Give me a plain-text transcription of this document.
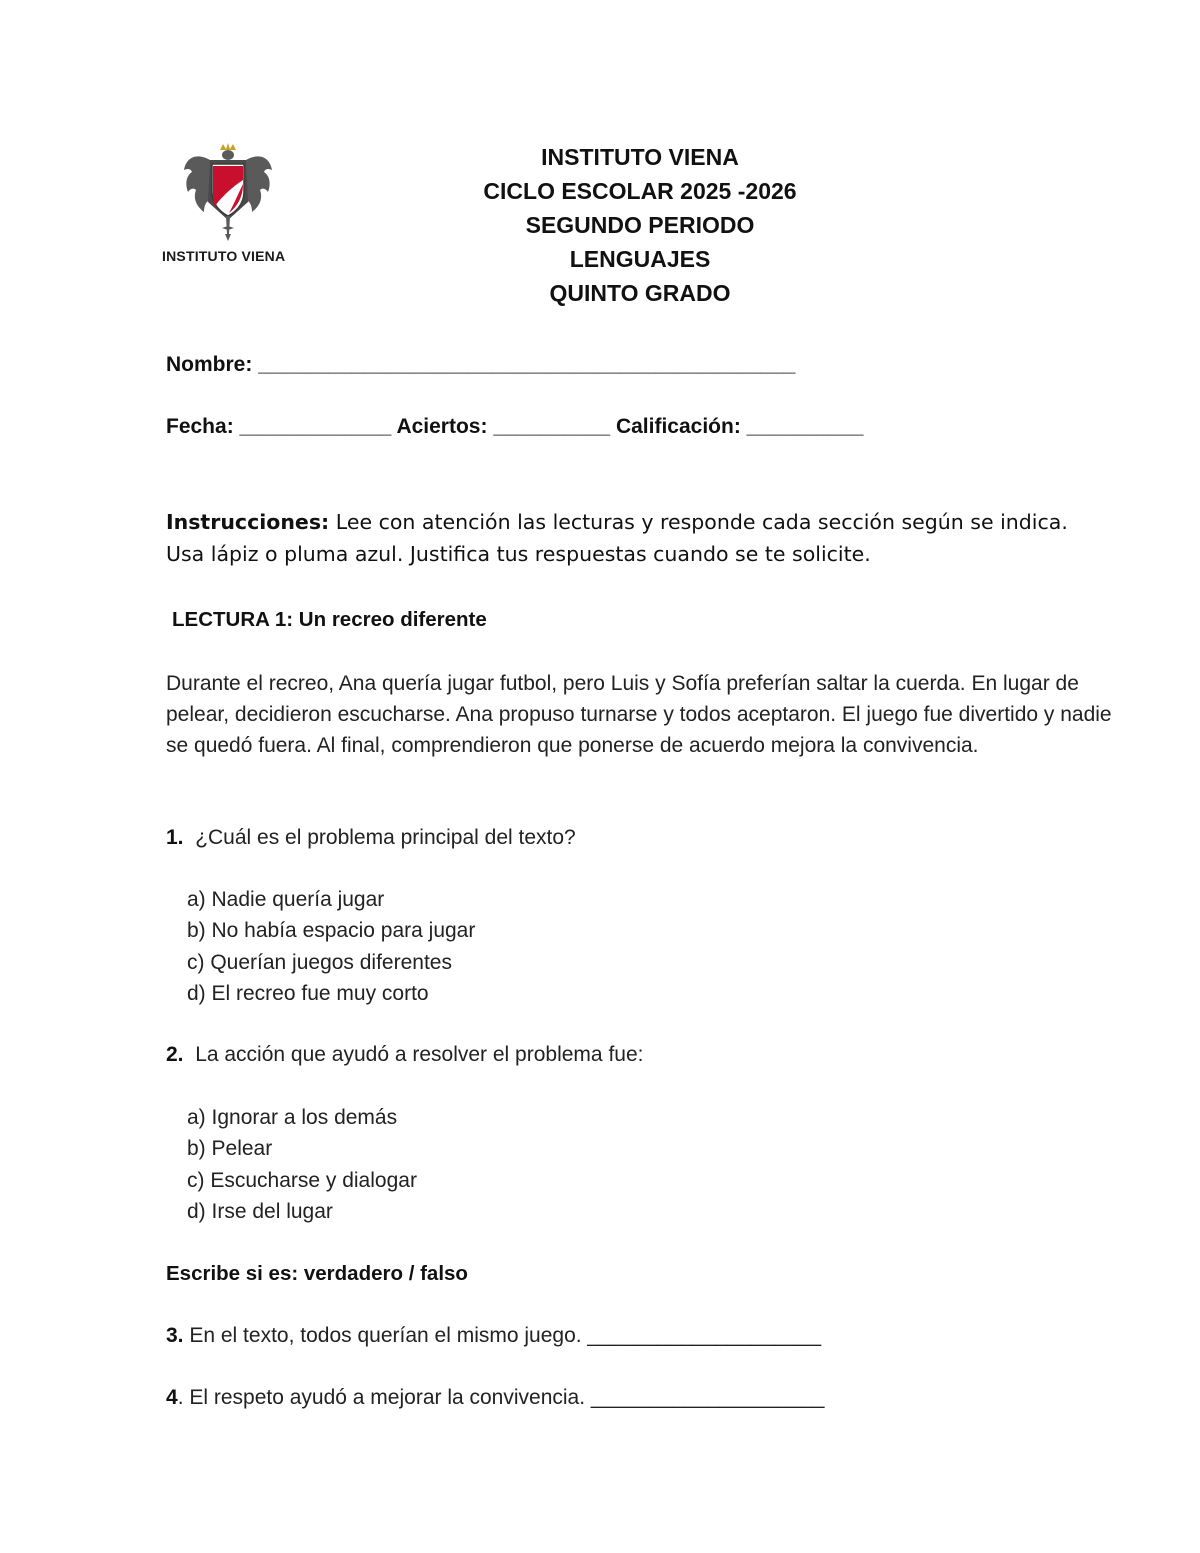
INSTITUTO VIENA
INSTITUTO VIENA
CICLO ESCOLAR 2025 -2026
SEGUNDO PERIODO
LENGUAJES
QUINTO GRADO
Nombre: ______________________________________________
Fecha: _____________ Aciertos: __________ Calificación: __________
Instrucciones: Lee con atención las lecturas y responde cada sección según se indica. Usa lápiz o pluma azul. Justifica tus respuestas cuando se te solicite.
LECTURA 1: Un recreo diferente
Durante el recreo, Ana quería jugar futbol, pero Luis y Sofía preferían saltar la cuerda. En lugar de pelear, decidieron escucharse. Ana propuso turnarse y todos aceptaron. El juego fue divertido y nadie se quedó fuera. Al final, comprendieron que ponerse de acuerdo mejora la convivencia.
1. ¿Cuál es el problema principal del texto?
a) Nadie quería jugar
b) No había espacio para jugar
c) Querían juegos diferentes
d) El recreo fue muy corto
2. La acción que ayudó a resolver el problema fue:
a) Ignorar a los demás
b) Pelear
c) Escucharse y dialogar
d) Irse del lugar
Escribe si es: verdadero / falso
3. En el texto, todos querían el mismo juego. ____________________
4. El respeto ayudó a mejorar la convivencia. ____________________
